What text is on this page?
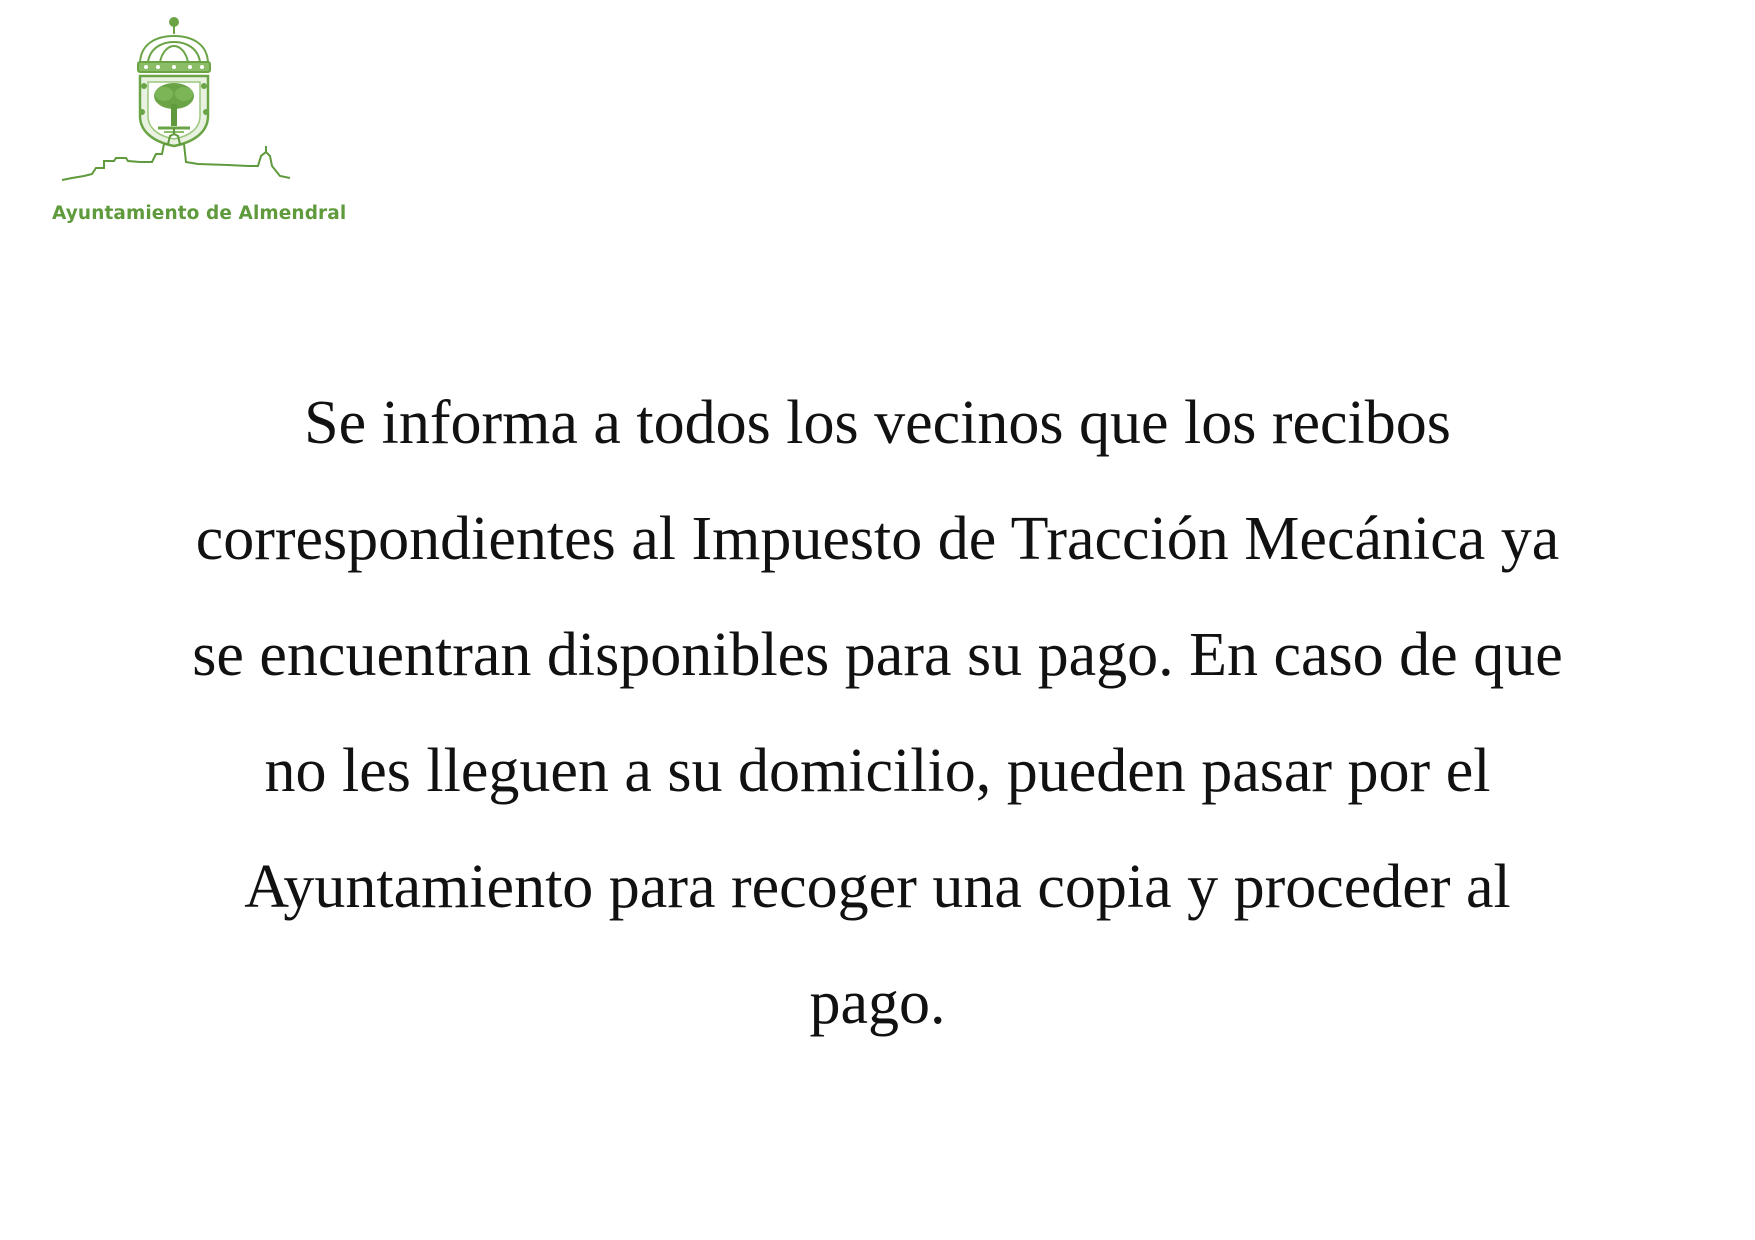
Ayuntamiento de Almendral
Se informa a todos los vecinos que los recibos
correspondientes al Impuesto de Tracción Mecánica ya
se encuentran disponibles para su pago. En caso de que
no les lleguen a su domicilio, pueden pasar por el
Ayuntamiento para recoger una copia y proceder al
pago.
